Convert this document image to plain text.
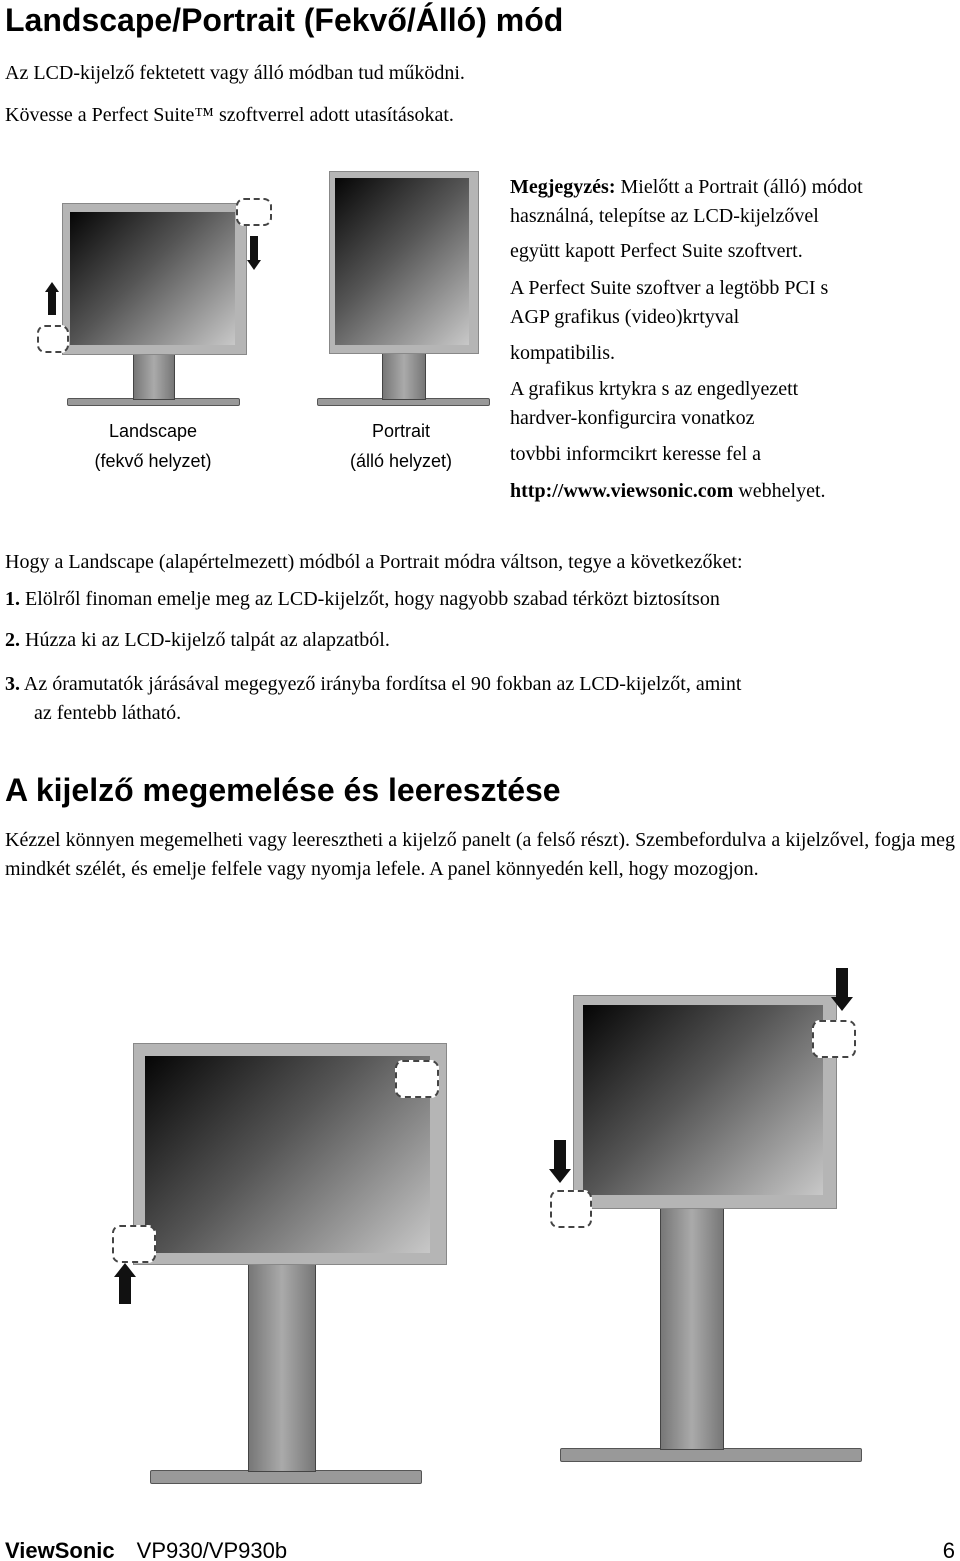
Landscape/Portrait (Fekvő/Álló) mód
Az LCD-kijelző fektetett vagy álló módban tud működni.
Kövesse a Perfect Suite™ szoftverrel adott utasításokat.
Landscape
(fekvő helyzet)
Portrait
(álló helyzet)
Megjegyzés: Mielőtt a Portrait (álló) módot
használná, telepítse az LCD-kijelzővel
együtt kapott Perfect Suite szoftvert.
A Perfect Suite szoftver a legtöbb PCI s
AGP grafikus (video)krtyval
kompatibilis.
A grafikus krtykra s az engedlyezett
hardver-konfigurcira vonatkoz
tovbbi informcikrt keresse fel a
http://www.viewsonic.com webhelyet.
Hogy a Landscape (alapértelmezett) módból a Portrait módra váltson, tegye a következőket:
1. Elölről finoman emelje meg az LCD-kijelzőt, hogy nagyobb szabad térközt biztosítson
2. Húzza ki az LCD-kijelző talpát az alapzatból.
3. Az óramutatók járásával megegyező irányba fordítsa el 90 fokban az LCD-kijelzőt, amint
az fentebb látható.
A kijelző megemelése és leeresztése
Kézzel könnyen megemelheti vagy leeresztheti a kijelző panelt (a felső részt). Szembefordulva a kijelzővel, fogja meg mindkét szélét, és emelje felfele vagy nyomja lefele. A panel könnyedén kell, hogy mozogjon.
ViewSonic VP930/VP930b	6
